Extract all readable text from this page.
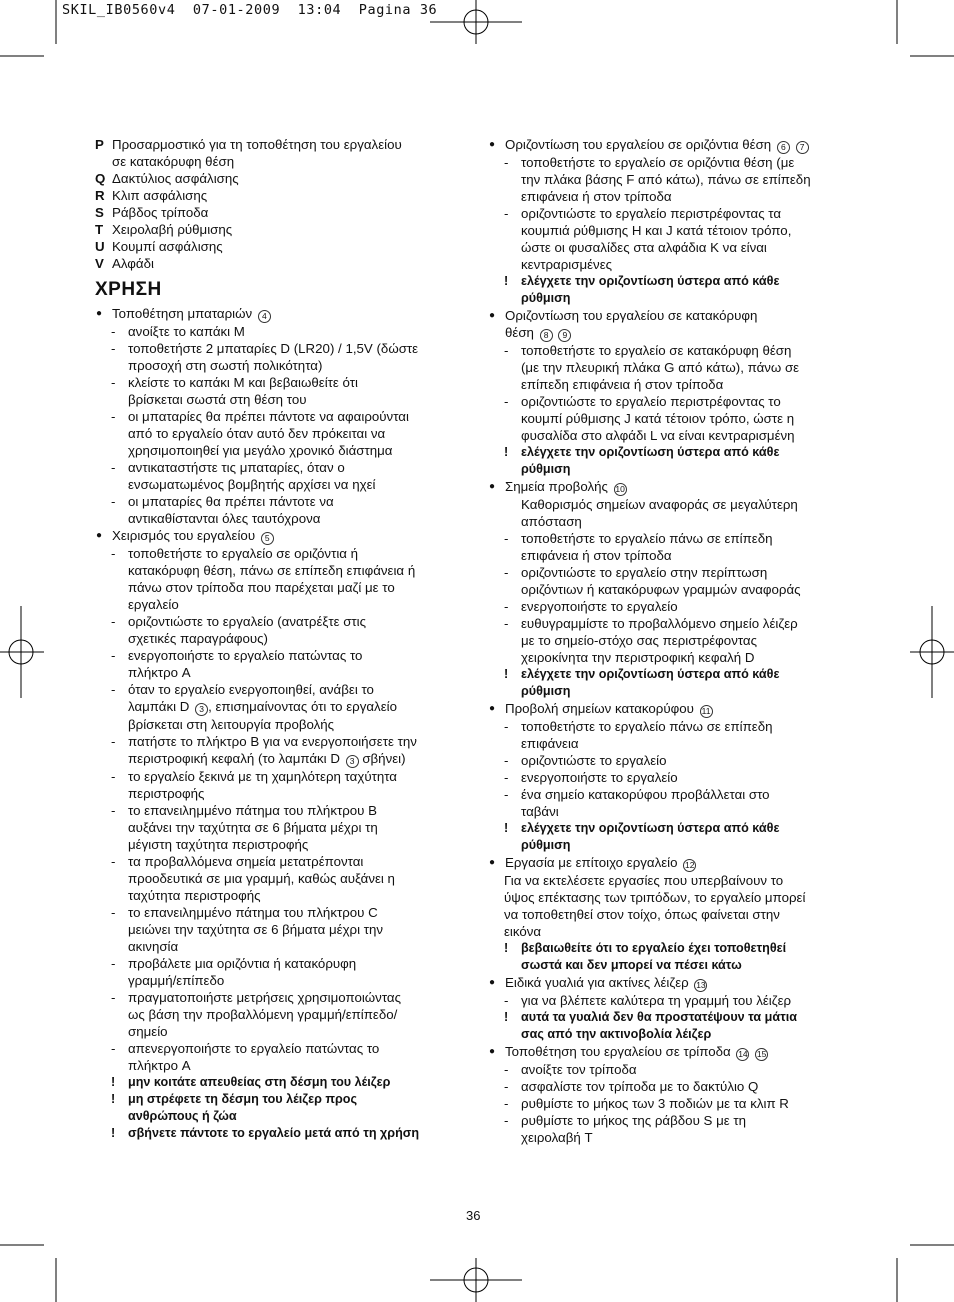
SKIL_IB0560v4  07-01-2009  13:04  Pagina 36
P Προσαρμοστικό για τη τοποθέτηση του εργαλείου
σε κατακόρυφη θέση
Q Δακτύλιος ασφάλισης
R Κλιπ ασφάλισης
S Ράβδος τρίποδα
T Χειρολαβή ρύθμισης
U Κουμπί ασφάλισης
V Αλφάδι
ΧΡΗΣΗ
● Τοποθέτηση μπαταριών 4
- ανοίξτε το καπάκι M
- τοποθετήστε 2 μπαταρίες D (LR20) / 1,5V (δώστε
προσοχή στη σωστή πολικότητα)
- κλείστε το καπάκι M και βεβαιωθείτε ότι
βρίσκεται σωστά στη θέση του
- οι μπαταρίες θα πρέπει πάντοτε να αφαιρούνται
από το εργαλείο όταν αυτό δεν πρόκειται να
χρησιμοποιηθεί για μεγάλο χρονικό διάστημα
- αντικαταστήστε τις μπαταρίες, όταν ο
ενσωματωμένος βομβητής αρχίσει να ηχεί
- οι μπαταρίες θα πρέπει πάντοτε να
αντικαθίστανται όλες ταυτόχρονα
● Χειρισμός του εργαλείου 5
- τοποθετήστε το εργαλείο σε οριζόντια ή
κατακόρυφη θέση, πάνω σε επίπεδη επιφάνεια ή
πάνω στον τρίποδα που παρέχεται μαζί με το
εργαλείο
- οριζοντιώστε το εργαλείο (ανατρέξτε στις
σχετικές παραγράφους)
- ενεργοποιήστε το εργαλείο πατώντας το
πλήκτρο A
- όταν το εργαλείο ενεργοποιηθεί, ανάβει το
λαμπάκι D 3 , επισημαίνοντας ότι το εργαλείο
βρίσκεται στη λειτουργία προβολής
- πατήστε το πλήκτρο B για να ενεργοποιήσετε την
περιστροφική κεφαλή (το λαμπάκι D 3 σβήνει)
- το εργαλείο ξεκινά με τη χαμηλότερη ταχύτητα
περιστροφής
- το επανειλημμένο πάτημα του πλήκτρου B
αυξάνει την ταχύτητα σε 6 βήματα μέχρι τη
μέγιστη ταχύτητα περιστροφής
- τα προβαλλόμενα σημεία μετατρέπονται
προοδευτικά σε μια γραμμή, καθώς αυξάνει η
ταχύτητα περιστροφής
- το επανειλημμένο πάτημα του πλήκτρου C
μειώνει την ταχύτητα σε 6 βήματα μέχρι την
ακινησία
- προβάλετε μια οριζόντια ή κατακόρυφη
γραμμή/επίπεδο
- πραγματοποιήστε μετρήσεις χρησιμοποιώντας
ως βάση την προβαλλόμενη γραμμή/επίπεδο/
σημείο
- απενεργοποιήστε το εργαλείο πατώντας το
πλήκτρο A
!	μην κοιτάτε απευθείας στη δέσμη του λέιζερ
!	μη στρέφετε τη δέσμη του λέιζερ προς
ανθρώπους ή ζώα
!	σβήνετε πάντοτε το εργαλείο μετά από τη χρήση
● Οριζοντίωση του εργαλείου σε οριζόντια θέση 6 7
- τοποθετήστε το εργαλείο σε οριζόντια θέση (με
την πλάκα βάσης F από κάτω), πάνω σε επίπεδη
επιφάνεια ή στον τρίποδα
- οριζοντιώστε το εργαλείο περιστρέφοντας τα
κουμπιά ρύθμισης H και J κατά τέτοιον τρόπο,
ώστε οι φυσαλίδες στα αλφάδια K να είναι
κεντραρισμένες
!	ελέγχετε την οριζοντίωση ύστερα από κάθε
ρύθμιση
● Οριζοντίωση του εργαλείου σε κατακόρυφη
θέση 8 9
- τοποθετήστε το εργαλείο σε κατακόρυφη θέση
(με την πλευρική πλάκα G από κάτω), πάνω σε
επίπεδη επιφάνεια ή στον τρίποδα
- οριζοντιώστε το εργαλείο περιστρέφοντας το
κουμπί ρύθμισης J κατά τέτοιον τρόπο, ώστε η
φυσαλίδα στο αλφάδι L να είναι κεντραρισμένη
!	ελέγχετε την οριζοντίωση ύστερα από κάθε
ρύθμιση
● Σημεία προβολής 10
Καθορισμός σημείων αναφοράς σε μεγαλύτερη
απόσταση
- τοποθετήστε το εργαλείο πάνω σε επίπεδη
επιφάνεια ή στον τρίποδα
- οριζοντιώστε το εργαλείο στην περίπτωση
οριζόντιων ή κατακόρυφων γραμμών αναφοράς
- ενεργοποιήστε το εργαλείο
- ευθυγραμμίστε το προβαλλόμενο σημείο λέιζερ
με το σημείο-στόχο σας περιστρέφοντας
χειροκίνητα την περιστροφική κεφαλή D
!	ελέγχετε την οριζοντίωση ύστερα από κάθε
ρύθμιση
● Προβολή σημείων κατακορύφου 11
- τοποθετήστε το εργαλείο πάνω σε επίπεδη
επιφάνεια
- οριζοντιώστε το εργαλείο
- ενεργοποιήστε το εργαλείο
- ένα σημείο κατακορύφου προβάλλεται στο
ταβάνι
!	ελέγχετε την οριζοντίωση ύστερα από κάθε
ρύθμιση
● Εργασία με επίτοιχο εργαλείο 12
Για να εκτελέσετε εργασίες που υπερβαίνουν το
ύψος επέκτασης των τριπόδων, το εργαλείο μπορεί
να τοποθετηθεί στον τοίχο, όπως φαίνεται στην
εικόνα
!	βεβαιωθείτε ότι το εργαλείο έχει τοποθετηθεί
σωστά και δεν μπορεί να πέσει κάτω
● Ειδικά γυαλιά για ακτίνες λέιζερ 13
- για να βλέπετε καλύτερα τη γραμμή του λέιζερ
!	αυτά τα γυαλιά δεν θα προστατέψουν τα μάτια
σας από την ακτινοβολία λέιζερ
● Τοποθέτηση του εργαλείου σε τρίποδα 14 15
- ανοίξτε τον τρίποδα
- ασφαλίστε τον τρίποδα με το δακτύλιο Q
- ρυθμίστε το μήκος των 3 ποδιών με τα κλιπ R
- ρυθμίστε το μήκος της ράβδου S με τη
χειρολαβή T
36
